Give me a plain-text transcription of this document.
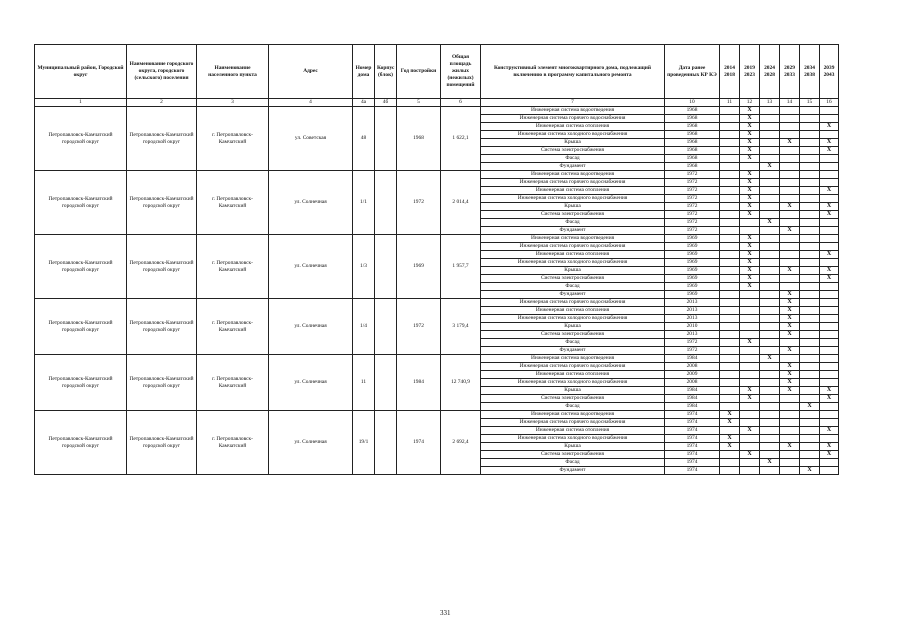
Муниципальный район, Городской округ	Наименование городского округа, городского (сельского) поселения	Наименование населенного пункта	Адрес	Номер дома	Корпус (блок)	Год постройки	Общая площадь жилых (нежилых) помещений	Конструктивный элемент многоквартирного дома, подлежащий включению в программу капитального ремонта	Дата ранее проведенных КР КЭ	2014 2018	2019 2023	2024 2028	2029 2033	2034 2038	2039 2043
1	2	3	4	4а	4б	5	6	7	10	11	12	13	14	15	16
Петропавловск-Камчатский городской округ	Петропавловск-Камчатский городской округ	г. Петропавловск-Камчатский	ул. Советская	48		1968	1 622,1	Инженерная система водоотведения	1968		X				
								Инженерная система горячего водоснабжения	1968		X				
								Инженерная система отопления	1968		X				X
								Инженерная система холодного водоснабжения	1968		X				
								Крыша	1968		X		X		X
								Система электроснабжения	1968		X				X
								Фасад	1968		X				
								Фундамент	1968			X			
Петропавловск-Камчатский городской округ	Петропавловск-Камчатский городской округ	г. Петропавловск-Камчатский	ул. Солнечная	1/1		1972	2 014,4	Инженерная система водоотведения	1972		X				
								Инженерная система горячего водоснабжения	1972		X				
								Инженерная система отопления	1972		X				X
								Инженерная система холодного водоснабжения	1972		X				
								Крыша	1972		X		X		X
								Система электроснабжения	1972		X				X
								Фасад	1972			X			
								Фундамент	1972				X		
Петропавловск-Камчатский городской округ	Петропавловск-Камчатский городской округ	г. Петропавловск-Камчатский	ул. Солнечная	1/3		1969	1 957,7	Инженерная система водоотведения	1969		X				
								Инженерная система горячего водоснабжения	1969		X				
								Инженерная система отопления	1969		X				X
								Инженерная система холодного водоснабжения	1969		X				
								Крыша	1969		X		X		X
								Система электроснабжения	1969		X				X
								Фасад	1969		X				
								Фундамент	1969				X		
Петропавловск-Камчатский городской округ	Петропавловск-Камчатский городской округ	г. Петропавловск-Камчатский	ул. Солнечная	1/4		1972	3 179,4	Инженерная система горячего водоснабжения	2013				X		
								Инженерная система отопления	2013				X		
								Инженерная система холодного водоснабжения	2013				X		
								Крыша	2010				X		
								Система электроснабжения	2013				X		
								Фасад	1972		X				
								Фундамент	1972				X		
Петропавловск-Камчатский городской округ	Петропавловск-Камчатский городской округ	г. Петропавловск-Камчатский	ул. Солнечная	11		1984	12 740,9	Инженерная система водоотведения	1984			X			
								Инженерная система горячего водоснабжения	2008				X		
								Инженерная система отопления	2009				X		
								Инженерная система холодного водоснабжения	2008				X		
								Крыша	1984		X		X		X
								Система электроснабжения	1984		X				X
								Фасад	1984					X	
Петропавловск-Камчатский городской округ	Петропавловск-Камчатский городской округ	г. Петропавловск-Камчатский	ул. Солнечная	19/1		1974	2 692,4	Инженерная система водоотведения	1974	X					
								Инженерная система горячего водоснабжения	1974	X					
								Инженерная система отопления	1974		X				X
								Инженерная система холодного водоснабжения	1974	X					
								Крыша	1974	X			X		X
								Система электроснабжения	1974		X				X
								Фасад	1974			X			
								Фундамент	1974					X	
331
